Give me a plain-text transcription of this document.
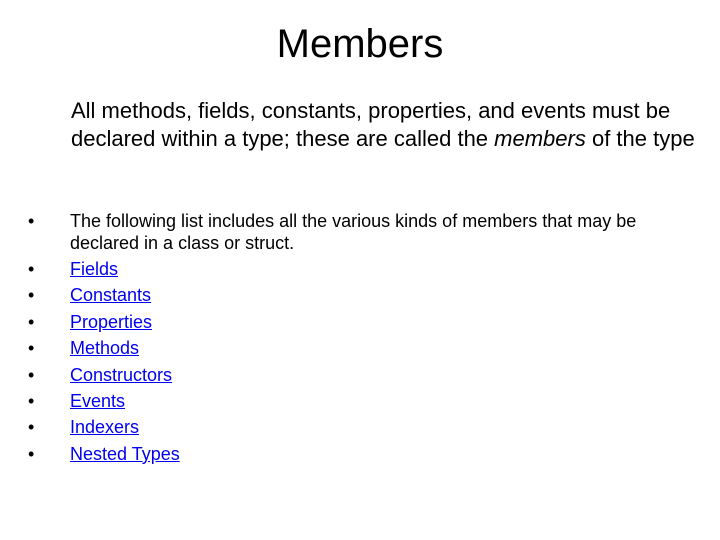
Members

All methods, fields, constants, properties, and events must be declared within a type; these are called the members of the type

•	The following list includes all the various kinds of members that may be declared in a class or struct.
•	Fields
•	Constants
•	Properties
•	Methods
•	Constructors
•	Events
•	Indexers
•	Nested Types
